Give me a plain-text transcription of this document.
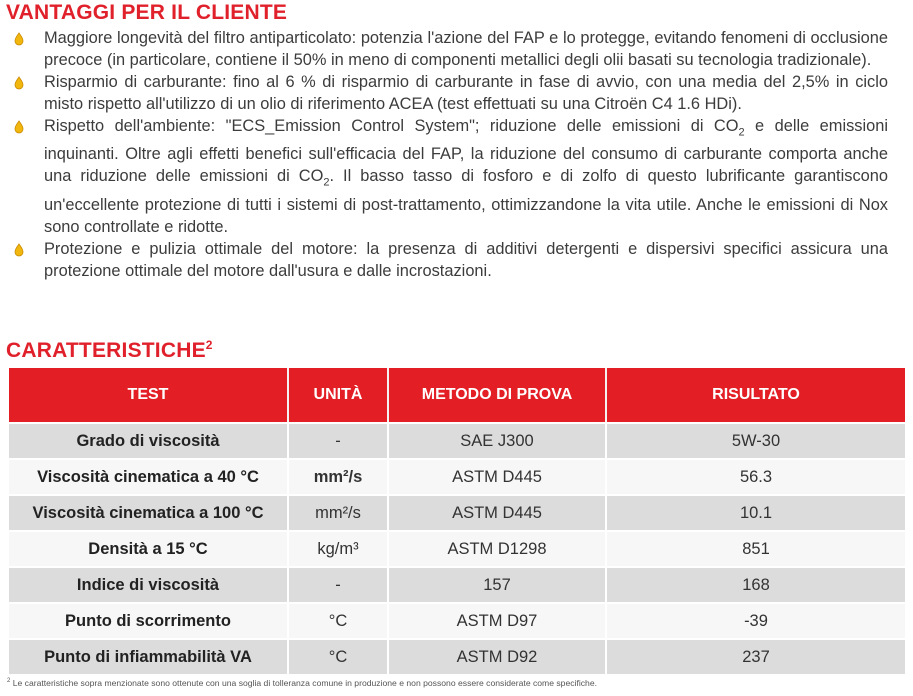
VANTAGGI PER IL CLIENTE
Maggiore longevità del filtro antiparticolato: potenzia l'azione del FAP e lo protegge, evitando fenomeni di occlusione precoce (in particolare, contiene il 50% in meno di componenti metallici degli olii basati su tecnologia tradizionale).
Risparmio di carburante: fino al 6 % di risparmio di carburante in fase di avvio, con una media del 2,5% in ciclo misto rispetto all'utilizzo di un olio di riferimento ACEA (test effettuati su una Citroën C4 1.6 HDi).
Rispetto dell'ambiente: "ECS_Emission Control System"; riduzione delle emissioni di $CO_2$ e delle emissioni inquinanti. Oltre agli effetti benefici sull'efficacia del FAP, la riduzione del consumo di carburante comporta anche una riduzione delle emissioni di $CO_2$. Il basso tasso di fosforo e di zolfo di questo lubrificante garantiscono un'eccellente protezione di tutti i sistemi di post-trattamento, ottimizzandone la vita utile. Anche le emissioni di Nox sono controllate e ridotte.
Protezione e pulizia ottimale del motore: la presenza di additivi detergenti e dispersivi specifici assicura una protezione ottimale del motore dall'usura e dalle incrostazioni.
CARATTERISTICHE$^2$
TEST	UNITÀ	METODO DI PROVA	RISULTATO
Grado di viscosità	-	SAE J300	5W-30
Viscosità cinematica a 40 °C	mm²/s	ASTM D445	56.3
Viscosità cinematica a 100 °C	mm²/s	ASTM D445	10.1
Densità a 15 °C	kg/m³	ASTM D1298	851
Indice di viscosità	-	157	168
Punto di scorrimento	°C	ASTM D97	-39
Punto di infiammabilità VA	°C	ASTM D92	237
$^2$ Le caratteristiche sopra menzionate sono ottenute con una soglia di tolleranza comune in produzione e non possono essere considerate come specifiche.
